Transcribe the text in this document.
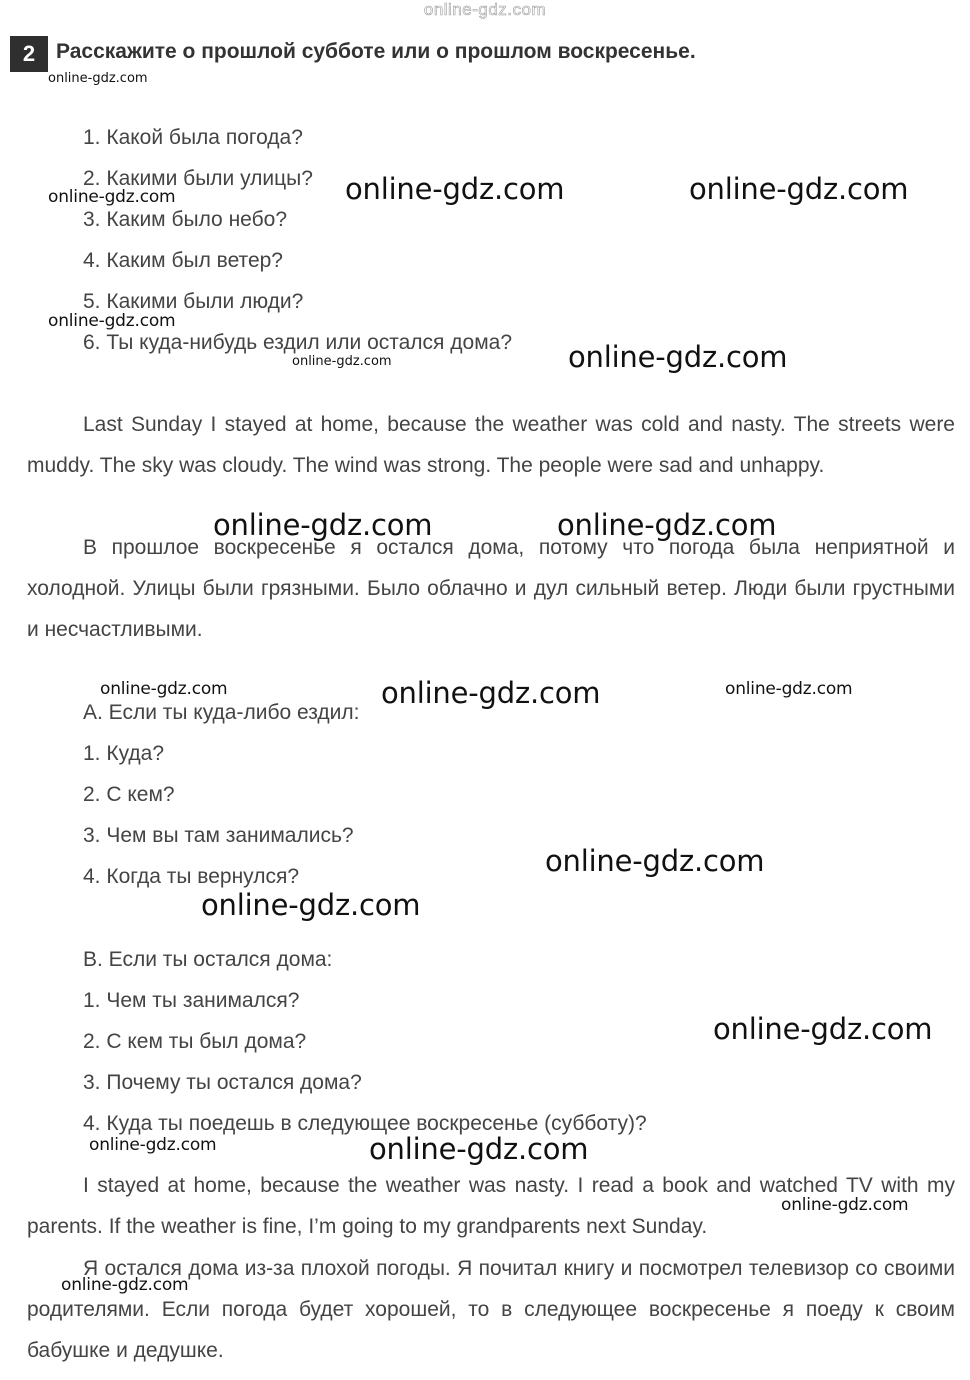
online-gdz.com
2 Расскажите о прошлой субботе или о прошлом воскресенье.
1. Какой была погода?
2. Какими были улицы?
3. Каким было небо?
4. Каким был ветер?
5. Какими были люди?
6. Ты куда-нибудь ездил или остался дома?
Last Sunday I stayed at home, because the weather was cold and nasty. The streets were muddy. The sky was cloudy. The wind was strong. The people were sad and unhappy.
В прошлое воскресенье я остался дома, потому что погода была неприятной и холодной. Улицы были грязными. Было облачно и дул сильный ветер. Люди были грустными и несчастливыми.
А. Если ты куда-либо ездил:
1. Куда?
2. С кем?
3. Чем вы там занимались?
4. Когда ты вернулся?
В. Если ты остался дома:
1. Чем ты занимался?
2. С кем ты был дома?
3. Почему ты остался дома?
4. Куда ты поедешь в следующее воскресенье (субботу)?
I stayed at home, because the weather was nasty. I read a book and watched TV with my parents. If the weather is fine, I’m going to my grandparents next Sunday.
Я остался дома из-за плохой погоды. Я почитал книгу и посмотрел телевизор со своими родителями. Если погода будет хорошей, то в следующее воскресенье я поеду к своим бабушке и дедушке.
online-gdz.com
online-gdz.com	online-gdz.com
online-gdz.com
online-gdz.com
online-gdz.com	online-gdz.com
online-gdz.com	online-gdz.com
online-gdz.com	online-gdz.com	online-gdz.com
online-gdz.com
online-gdz.com
online-gdz.com
online-gdz.com	online-gdz.com
online-gdz.com
online-gdz.com
